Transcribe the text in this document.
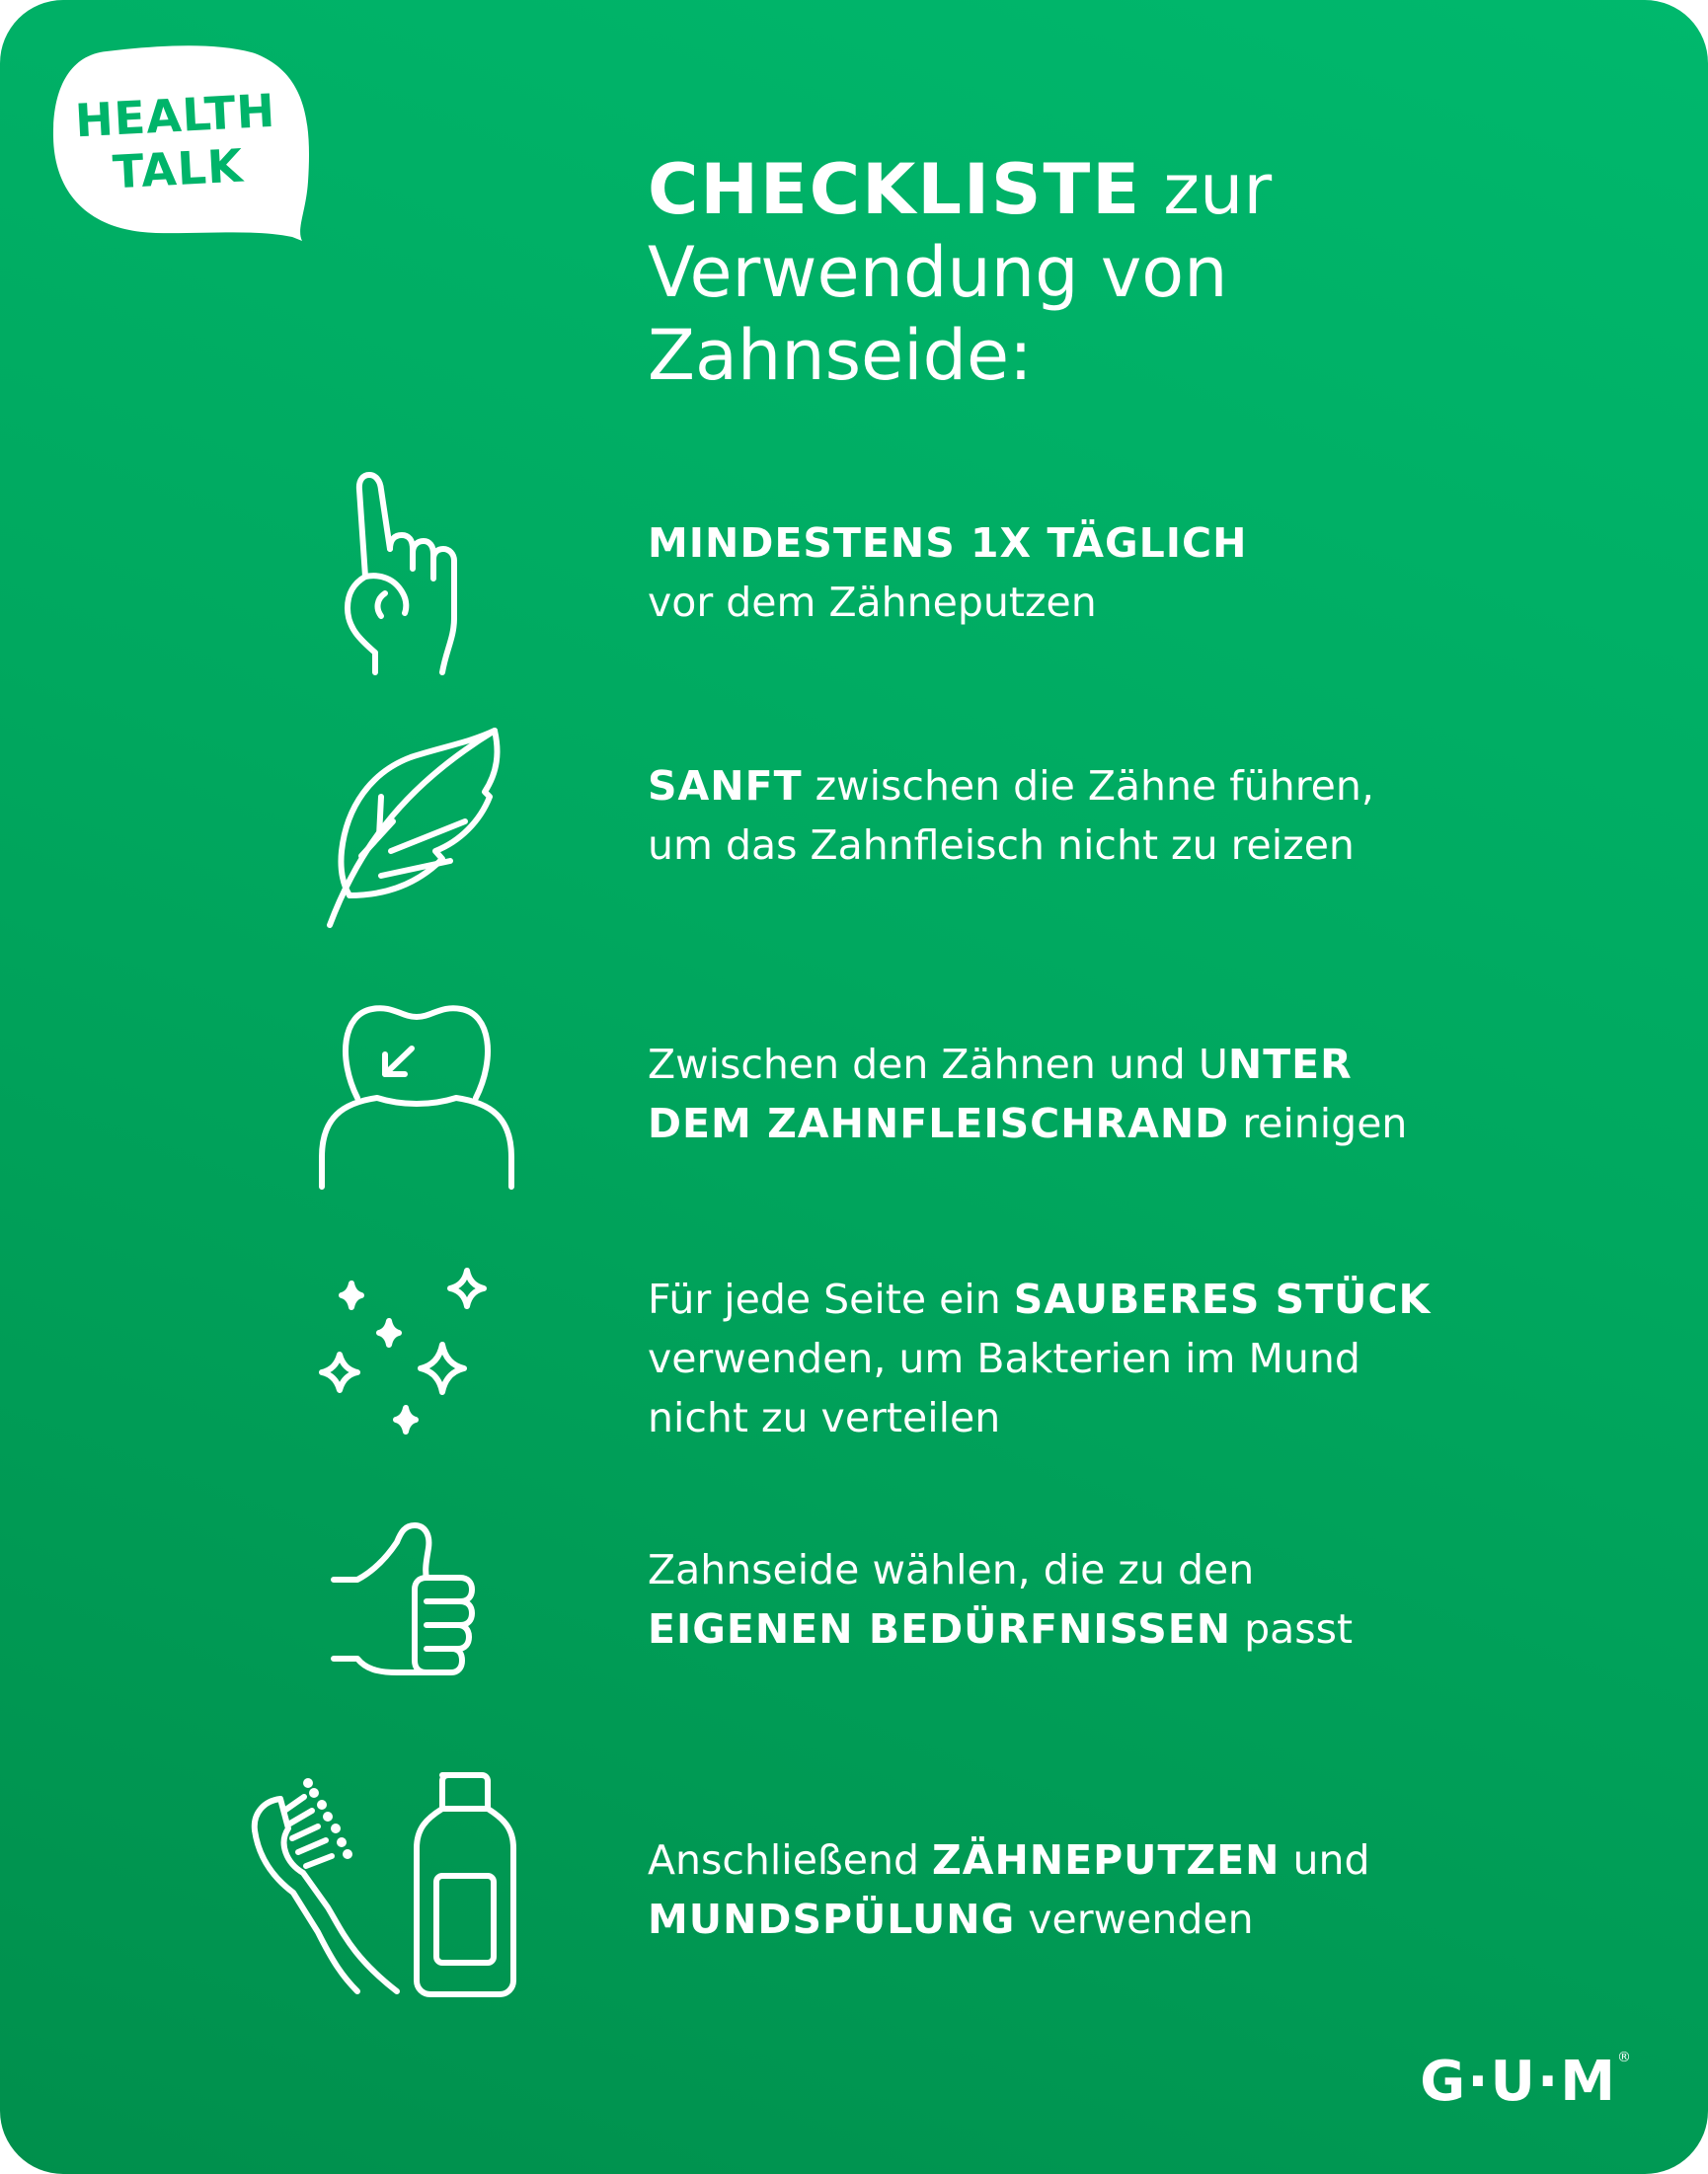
HEALTH
TALK	CHECKLISTE zur
Verwendung von
Zahnseide:
MINDESTENS 1X TÄGLICH
vor dem Zähneputzen
SANFT zwischen die Zähne führen,
um das Zahnfleisch nicht zu reizen
Zwischen den Zähnen und UNTER
DEM ZAHNFLEISCHRAND reinigen
Für jede Seite ein SAUBERES STÜCK
verwenden, um Bakterien im Mund
nicht zu verteilen
Zahnseide wählen, die zu den
EIGENEN BEDÜRFNISSEN passt
Anschließend ZÄHNEPUTZEN und
MUNDSPÜLUNG verwenden
G·U·M®
